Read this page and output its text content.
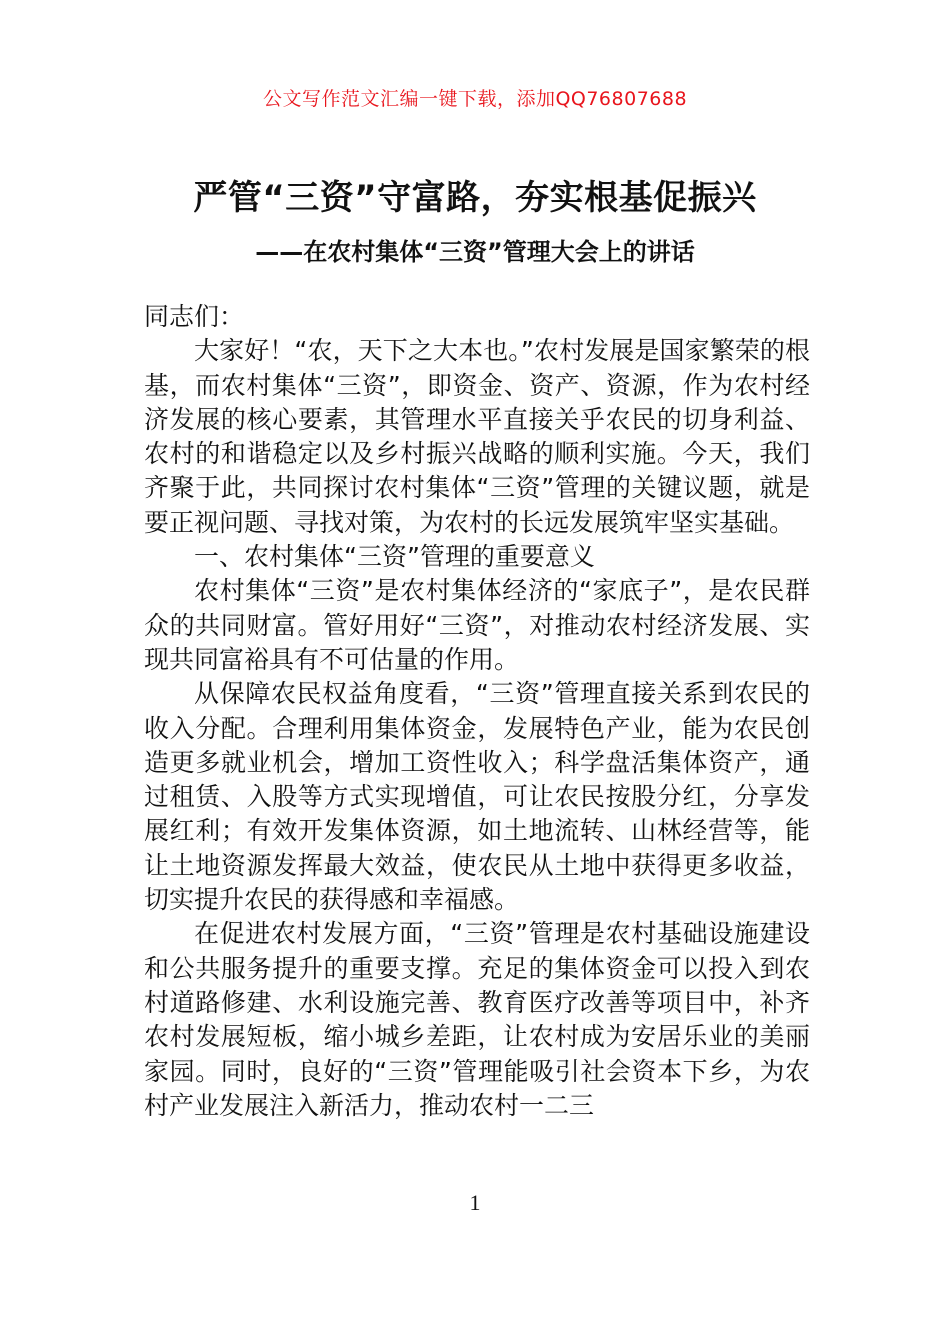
公文写作范文汇编一键下载，添加QQ76807688

严管“三资”守富路，夯实根基促振兴
——在农村集体“三资”管理大会上的讲话

同志们：

大家好！“农，天下之大本也。”农村发展是国家繁荣的根基，而农村集体“三资”，即资金、资产、资源，作为农村经济发展的核心要素，其管理水平直接关乎农民的切身利益、农村的和谐稳定以及乡村振兴战略的顺利实施。今天，我们齐聚于此，共同探讨农村集体“三资”管理的关键议题，就是要正视问题、寻找对策，为农村的长远发展筑牢坚实基础。

一、农村集体“三资”管理的重要意义

农村集体“三资”是农村集体经济的“家底子”，是农民群众的共同财富。管好用好“三资”，对推动农村经济发展、实现共同富裕具有不可估量的作用。

从保障农民权益角度看，“三资”管理直接关系到农民的收入分配。合理利用集体资金，发展特色产业，能为农民创造更多就业机会，增加工资性收入；科学盘活集体资产，通过租赁、入股等方式实现增值，可让农民按股分红，分享发展红利；有效开发集体资源，如土地流转、山林经营等，能让土地资源发挥最大效益，使农民从土地中获得更多收益，切实提升农民的获得感和幸福感。

在促进农村发展方面，“三资”管理是农村基础设施建设和公共服务提升的重要支撑。充足的集体资金可以投入到农村道路修建、水利设施完善、教育医疗改善等项目中，补齐农村发展短板，缩小城乡差距，让农村成为安居乐业的美丽家园。同时，良好的“三资”管理能吸引社会资本下乡，为农村产业发展注入新活力，推动农村一二三

1
